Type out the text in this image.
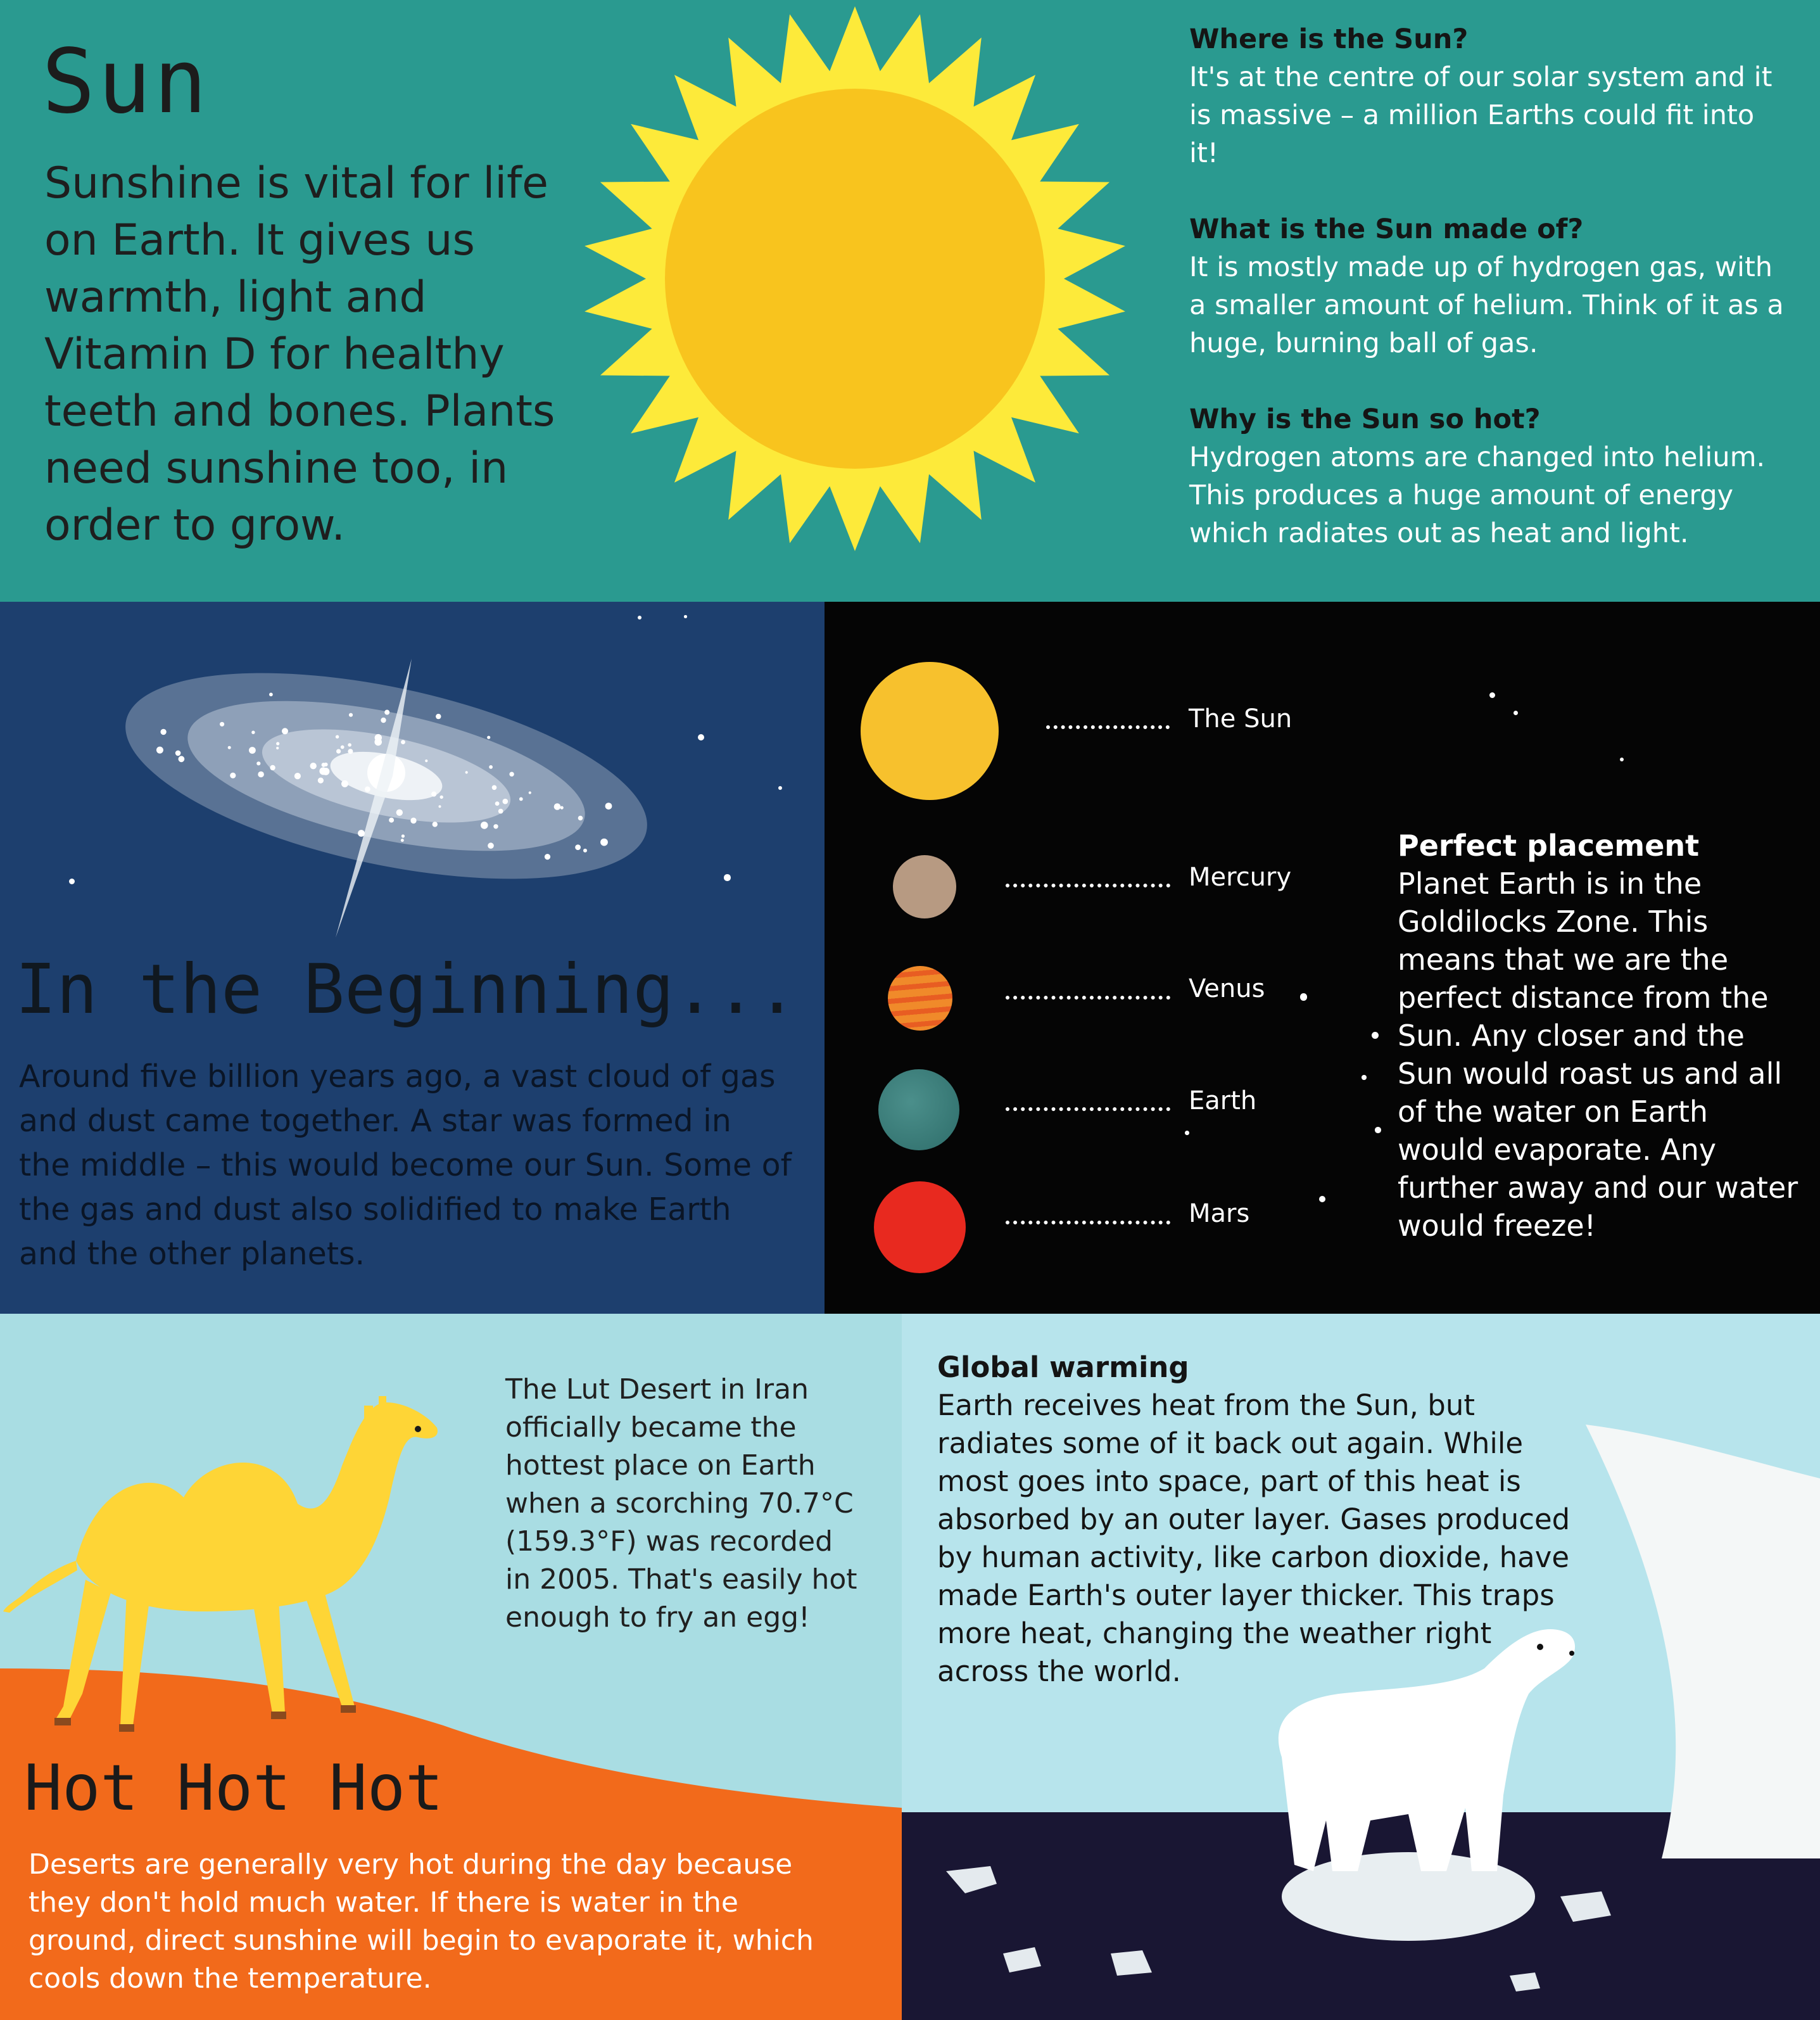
Sun

Sunshine is vital for life on Earth. It gives us warmth, light and Vitamin D for healthy teeth and bones. Plants need sunshine too, in order to grow.

Where is the Sun?
It's at the centre of our solar system and it is massive – a million Earths could fit into it!
What is the Sun made of?
It is mostly made up of hydrogen gas, with a smaller amount of helium. Think of it as a huge, burning ball of gas.
Why is the Sun so hot?
Hydrogen atoms are changed into helium. This produces a huge amount of energy which radiates out as heat and light.
In the Beginning...

Around five billion years ago, a vast cloud of gas and dust came together. A star was formed in the middle – this would become our Sun. Some of the gas and dust also solidified to make Earth and the other planets.

The Sun
Mercury
Venus
Earth
Mars
Perfect placement
Planet Earth is in the Goldilocks Zone. This means that we are the perfect distance from the Sun. Any closer and the Sun would roast us and all of the water on Earth would evaporate. Any further away and our water would freeze!

The Lut Desert in Iran officially became the hottest place on Earth when a scorching 70.7°C (159.3°F) was recorded in 2005. That's easily hot enough to fry an egg!

Hot Hot Hot

Deserts are generally very hot during the day because they don't hold much water. If there is water in the ground, direct sunshine will begin to evaporate it, which cools down the temperature.

Global warming
Earth receives heat from the Sun, but radiates some of it back out again. While most goes into space, part of this heat is absorbed by an outer layer. Gases produced by human activity, like carbon dioxide, have made Earth's outer layer thicker. This traps more heat, changing the weather right across the world.
